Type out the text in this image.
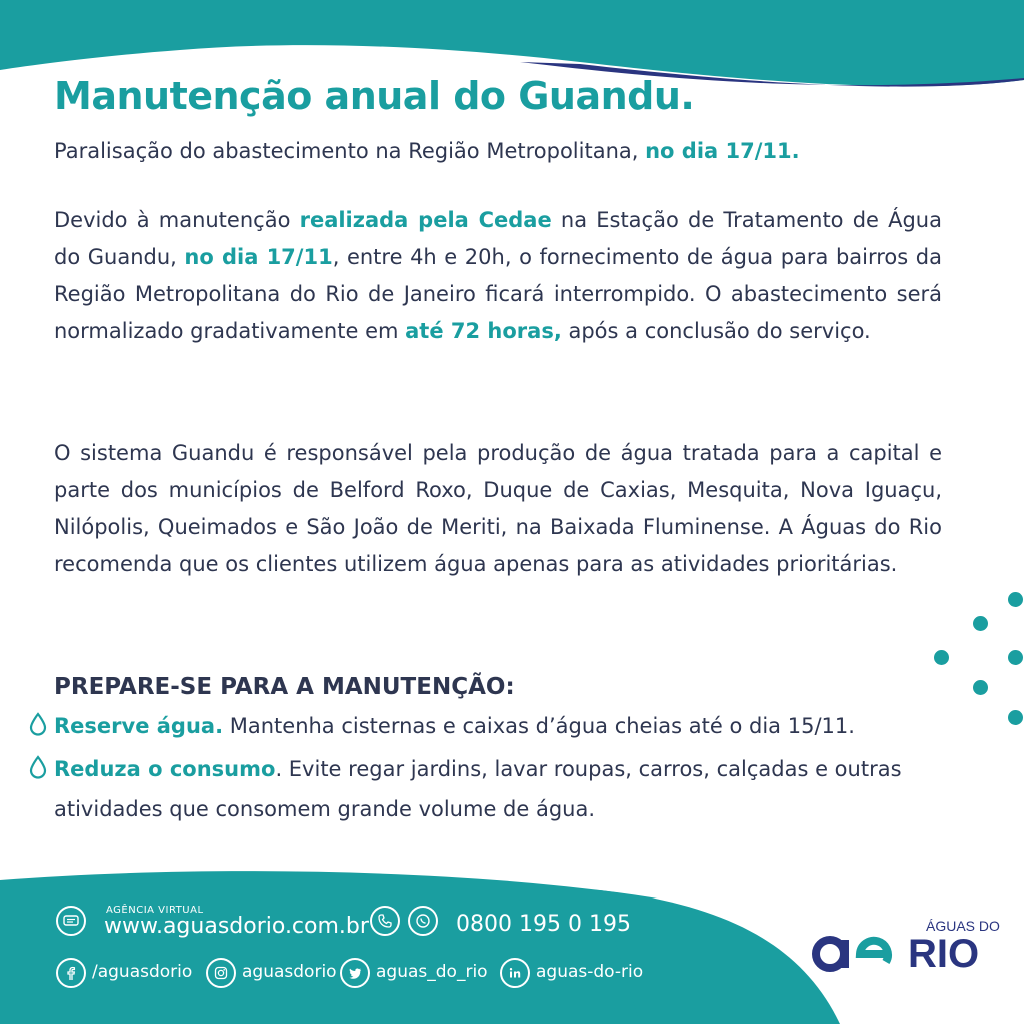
Manutenção anual do Guandu.
Paralisação do abastecimento na Região Metropolitana, no dia 17/11.
Devido à manutenção realizada pela Cedae na Estação de Tratamento de Água do Guandu, no dia 17/11, entre 4h e 20h, o fornecimento de água para bairros da Região Metropolitana do Rio de Janeiro ficará interrompido. O abastecimento será normalizado gradativamente em até 72 horas, após a conclusão do serviço.
O sistema Guandu é responsável pela produção de água tratada para a capital e parte dos municípios de Belford Roxo, Duque de Caxias, Mesquita, Nova Iguaçu, Nilópolis, Queimados e São João de Meriti, na Baixada Fluminense. A Águas do Rio recomenda que os clientes utilizem água apenas para as atividades prioritárias.
PREPARE-SE PARA A MANUTENÇÃO:
Reserve água. Mantenha cisternas e caixas d’água cheias até o dia 15/11.
Reduza o consumo. Evite regar jardins, lavar roupas, carros, calçadas e outras
atividades que consomem grande volume de água.
AGÊNCIA VIRTUAL
www.aguasdorio.com.br	0800 195 0 195
/aguasdorio	aguasdorio aguas_do_rio	aguas-do-rio
ÁGUAS DO
RIO
